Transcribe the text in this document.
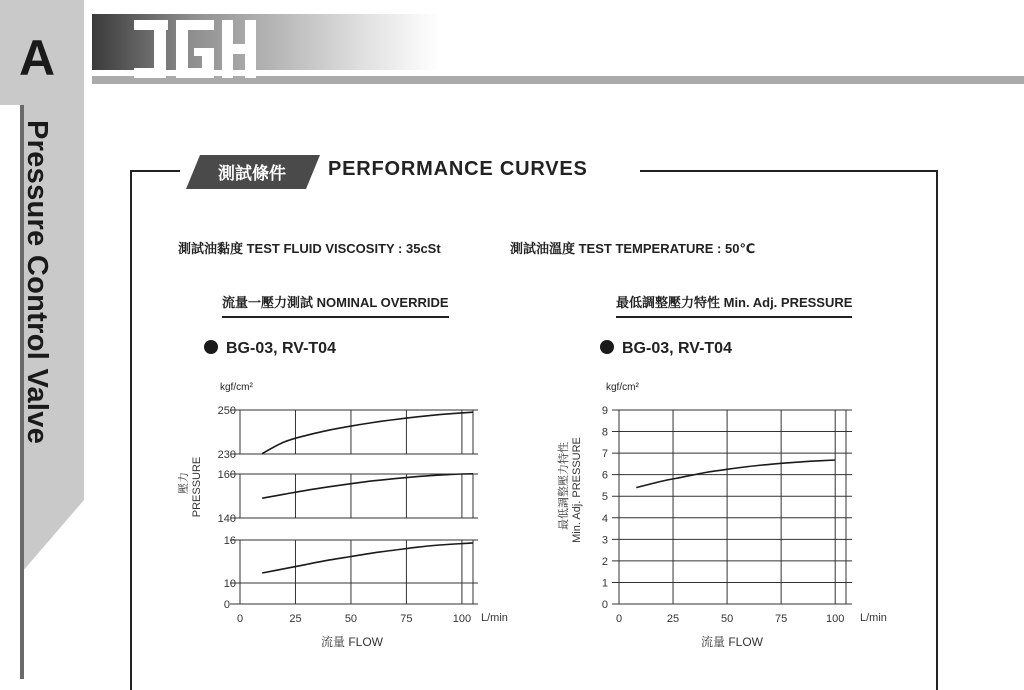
A
Pressure Control Valve	測試條件 PERFORMANCE CURVES
測試油黏度 TEST FLUID VISCOSITY : 35cSt	測試油溫度 TEST TEMPERATURE : 50℃
流量一壓力測試 NOMINAL OVERRIDE	最低調整壓力特性 Min. Adj. PRESSURE
BG-03, RV-T04	BG-03, RV-T04
kgf/cm²
250
230
160
140
16
10
0
0	25	50	75	100 L/min
流量 FLOW
壓力 PRESSURE
0
1
2
3
4
5
6
7
8
9
kgf/cm²
0	25	50	75	100 L/min
流量 FLOW
最低調整壓力特性 Min. Adj. PRESSURE
